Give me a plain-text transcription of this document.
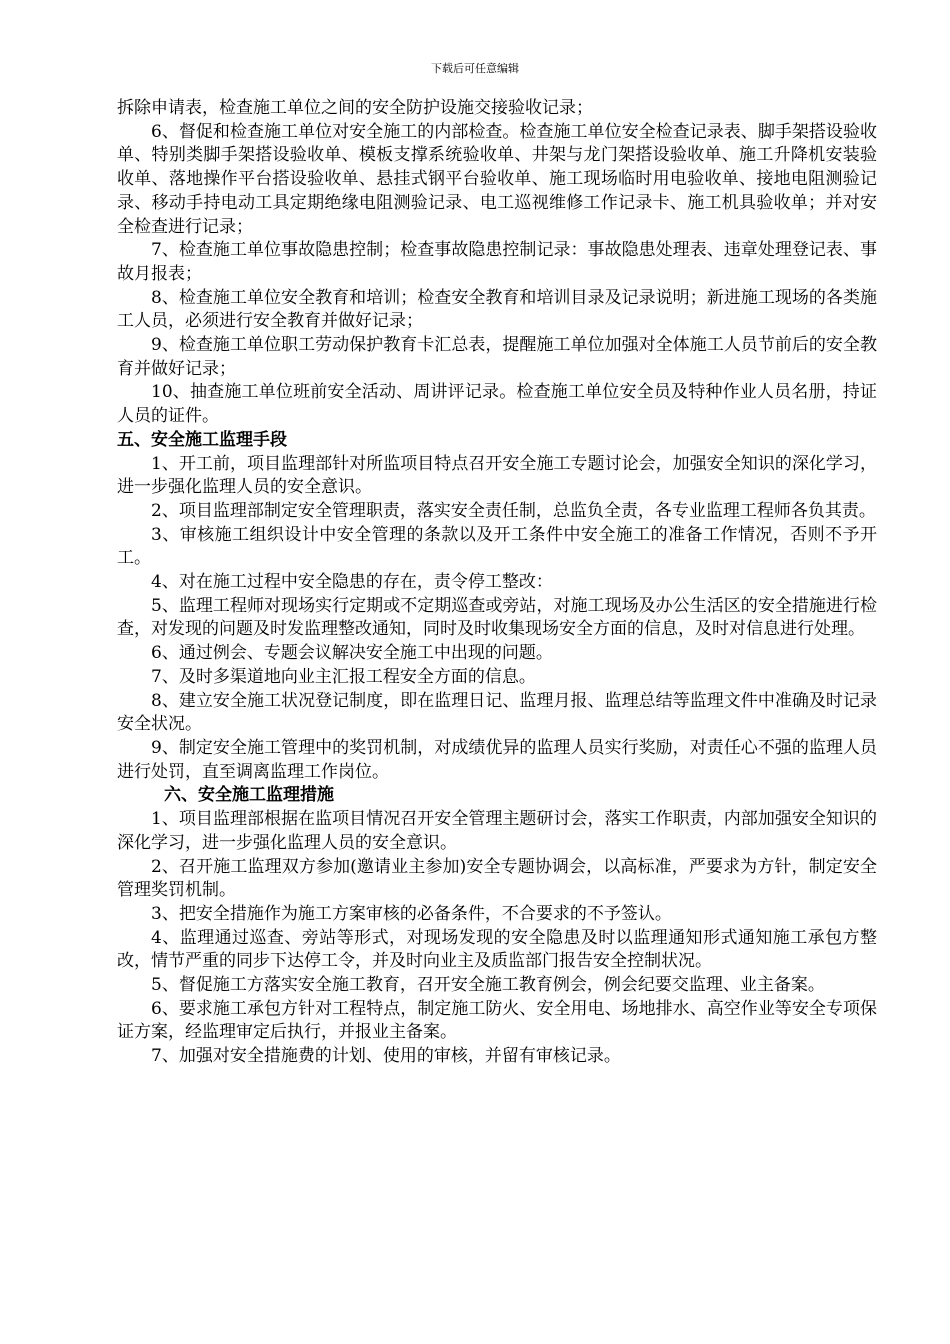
下载后可任意编辑

拆除申请表，检查施工单位之间的安全防护设施交接验收记录；

6、督促和检查施工单位对安全施工的内部检查。检查施工单位安全检查记录表、脚手架搭设验收单、特别类脚手架搭设验收单、模板支撑系统验收单、井架与龙门架搭设验收单、施工升降机安装验收单、落地操作平台搭设验收单、悬挂式钢平台验收单、施工现场临时用电验收单、接地电阻测验记录、移动手持电动工具定期绝缘电阻测验记录、电工巡视维修工作记录卡、施工机具验收单；并对安全检查进行记录；

7、检查施工单位事故隐患控制；检查事故隐患控制记录：事故隐患处理表、违章处理登记表、事故月报表；

8、检查施工单位安全教育和培训；检查安全教育和培训目录及记录说明；新进施工现场的各类施工人员，必须进行安全教育并做好记录；

9、检查施工单位职工劳动保护教育卡汇总表，提醒施工单位加强对全体施工人员节前后的安全教育并做好记录；

10、抽查施工单位班前安全活动、周讲评记录。检查施工单位安全员及特种作业人员名册，持证人员的证件。

五、安全施工监理手段

1、开工前，项目监理部针对所监项目特点召开安全施工专题讨论会，加强安全知识的深化学习，进一步强化监理人员的安全意识。

2、项目监理部制定安全管理职责，落实安全责任制，总监负全责，各专业监理工程师各负其责。

3、审核施工组织设计中安全管理的条款以及开工条件中安全施工的准备工作情况，否则不予开工。

4、对在施工过程中安全隐患的存在，责令停工整改：

5、监理工程师对现场实行定期或不定期巡查或旁站，对施工现场及办公生活区的安全措施进行检查，对发现的问题及时发监理整改通知，同时及时收集现场安全方面的信息，及时对信息进行处理。

6、通过例会、专题会议解决安全施工中出现的问题。

7、及时多渠道地向业主汇报工程安全方面的信息。

8、建立安全施工状况登记制度，即在监理日记、监理月报、监理总结等监理文件中准确及时记录安全状况。

9、制定安全施工管理中的奖罚机制，对成绩优异的监理人员实行奖励，对责任心不强的监理人员进行处罚，直至调离监理工作岗位。

六、安全施工监理措施

1、项目监理部根据在监项目情况召开安全管理主题研讨会，落实工作职责，内部加强安全知识的深化学习，进一步强化监理人员的安全意识。

2、召开施工监理双方参加(邀请业主参加)安全专题协调会，以高标准，严要求为方针，制定安全管理奖罚机制。

3、把安全措施作为施工方案审核的必备条件，不合要求的不予签认。

4、监理通过巡查、旁站等形式，对现场发现的安全隐患及时以监理通知形式通知施工承包方整改，情节严重的同步下达停工令，并及时向业主及质监部门报告安全控制状况。

5、督促施工方落实安全施工教育，召开安全施工教育例会，例会纪要交监理、业主备案。

6、要求施工承包方针对工程特点，制定施工防火、安全用电、场地排水、高空作业等安全专项保证方案，经监理审定后执行，并报业主备案。

7、加强对安全措施费的计划、使用的审核，并留有审核记录。
